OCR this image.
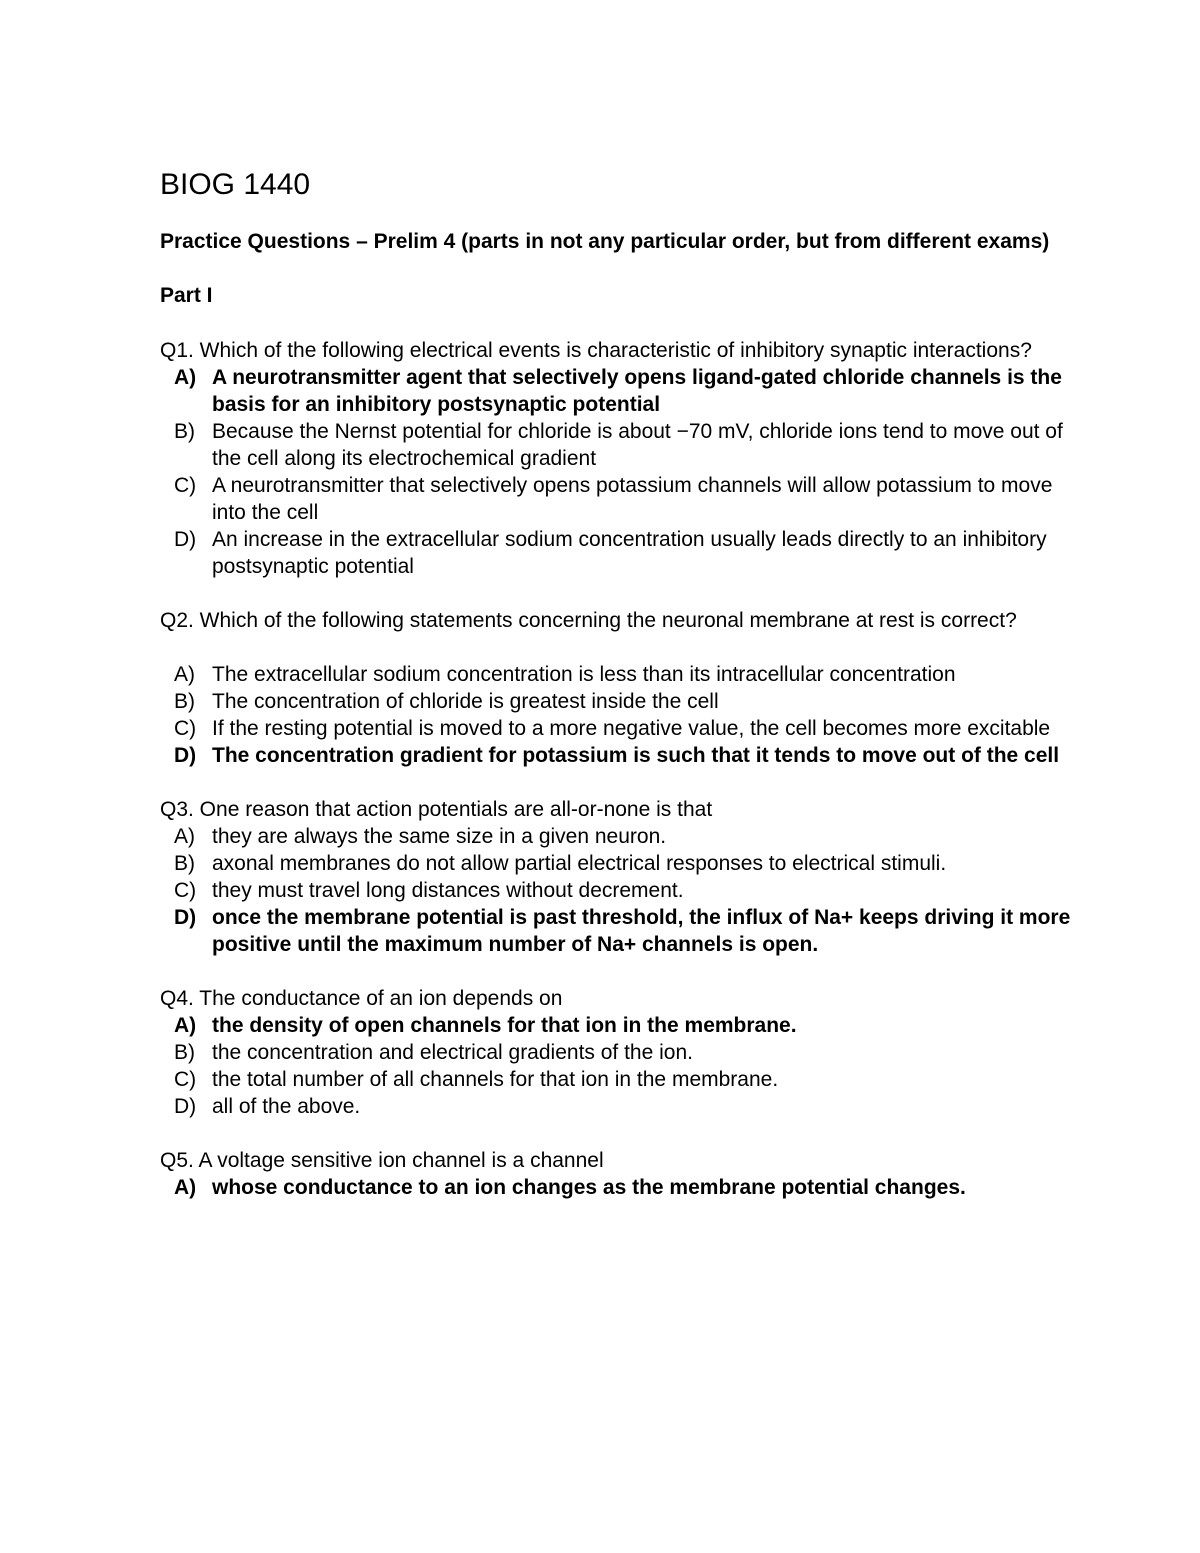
BIOG 1440

Practice Questions – Prelim 4 (parts in not any particular order, but from different exams)

Part I

Q1. Which of the following electrical events is characteristic of inhibitory synaptic interactions?

A) A neurotransmitter agent that selectively opens ligand-gated chloride channels is the basis for an inhibitory postsynaptic potential
B) Because the Nernst potential for chloride is about −70 mV, chloride ions tend to move out of the cell along its electrochemical gradient
C) A neurotransmitter that selectively opens potassium channels will allow potassium to move into the cell
D) An increase in the extracellular sodium concentration usually leads directly to an inhibitory postsynaptic potential

Q2. Which of the following statements concerning the neuronal membrane at rest is correct?

A) The extracellular sodium concentration is less than its intracellular concentration
B) The concentration of chloride is greatest inside the cell
C) If the resting potential is moved to a more negative value, the cell becomes more excitable
D) The concentration gradient for potassium is such that it tends to move out of the cell

Q3. One reason that action potentials are all-or-none is that

A) they are always the same size in a given neuron.
B) axonal membranes do not allow partial electrical responses to electrical stimuli.
C) they must travel long distances without decrement.
D) once the membrane potential is past threshold, the influx of Na+ keeps driving it more positive until the maximum number of Na+ channels is open.

Q4. The conductance of an ion depends on

A) the density of open channels for that ion in the membrane.
B) the concentration and electrical gradients of the ion.
C) the total number of all channels for that ion in the membrane.
D) all of the above.

Q5. A voltage sensitive ion channel is a channel

A) whose conductance to an ion changes as the membrane potential changes.
